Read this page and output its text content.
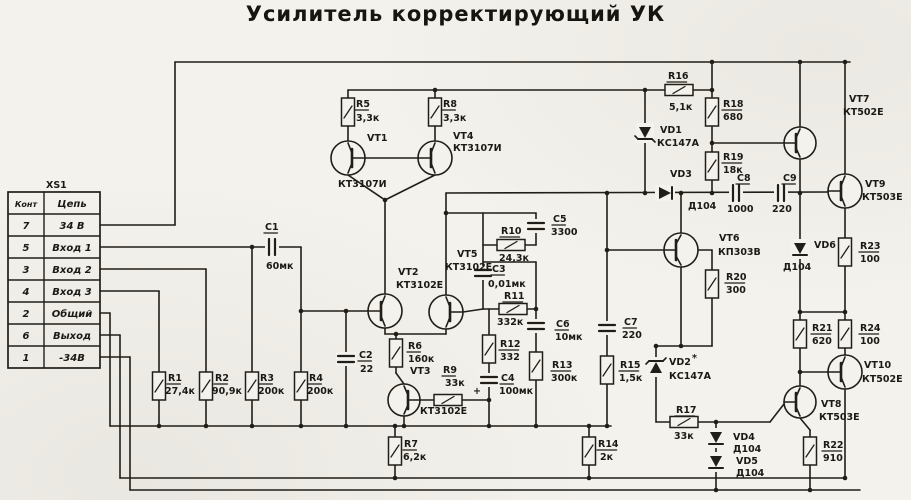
Усилитель корректирующий УК
Конт Цепь
7	34 В
5 Вход 1
3 Вход 2
4 Вход 3
2 Общий
6 Выход
1	-34В
R5
3,3к
R8
3,3к
VT1
КТ3107И
VT4
КТ3107И
R16
5,1к	R18
680
VD1
КС147А
VD3
Д104
R19
18к
C8
1000
C9
220
VT7
КТ502Е
VT9
КТ503Е
VT6
КП303В
R20
300
VD6
Д104
R23
100
R21
620
R24
100
VT10
КТ502Е
VT8
КТ503Е
R22
910
R17
33к	VD4
Д104
VD5
Д104
VD2 *
КС147А
R15
1,5к
C7
220
C6
10мк
R13
300к
R12
332
C4
100мк
+
R9
33к
R11
332к
R10
24,3к
C5
3300
C3
0,01мк
C1
60мк
C2
22
R6
160к
VT3
КТ3102Е
VT2
КТ3102Е
VT5
КТ3102Е
R1
27,4к
R2
90,9к
R3
200к
R4
200к
R7
6,2к
R14
2к
XS1
